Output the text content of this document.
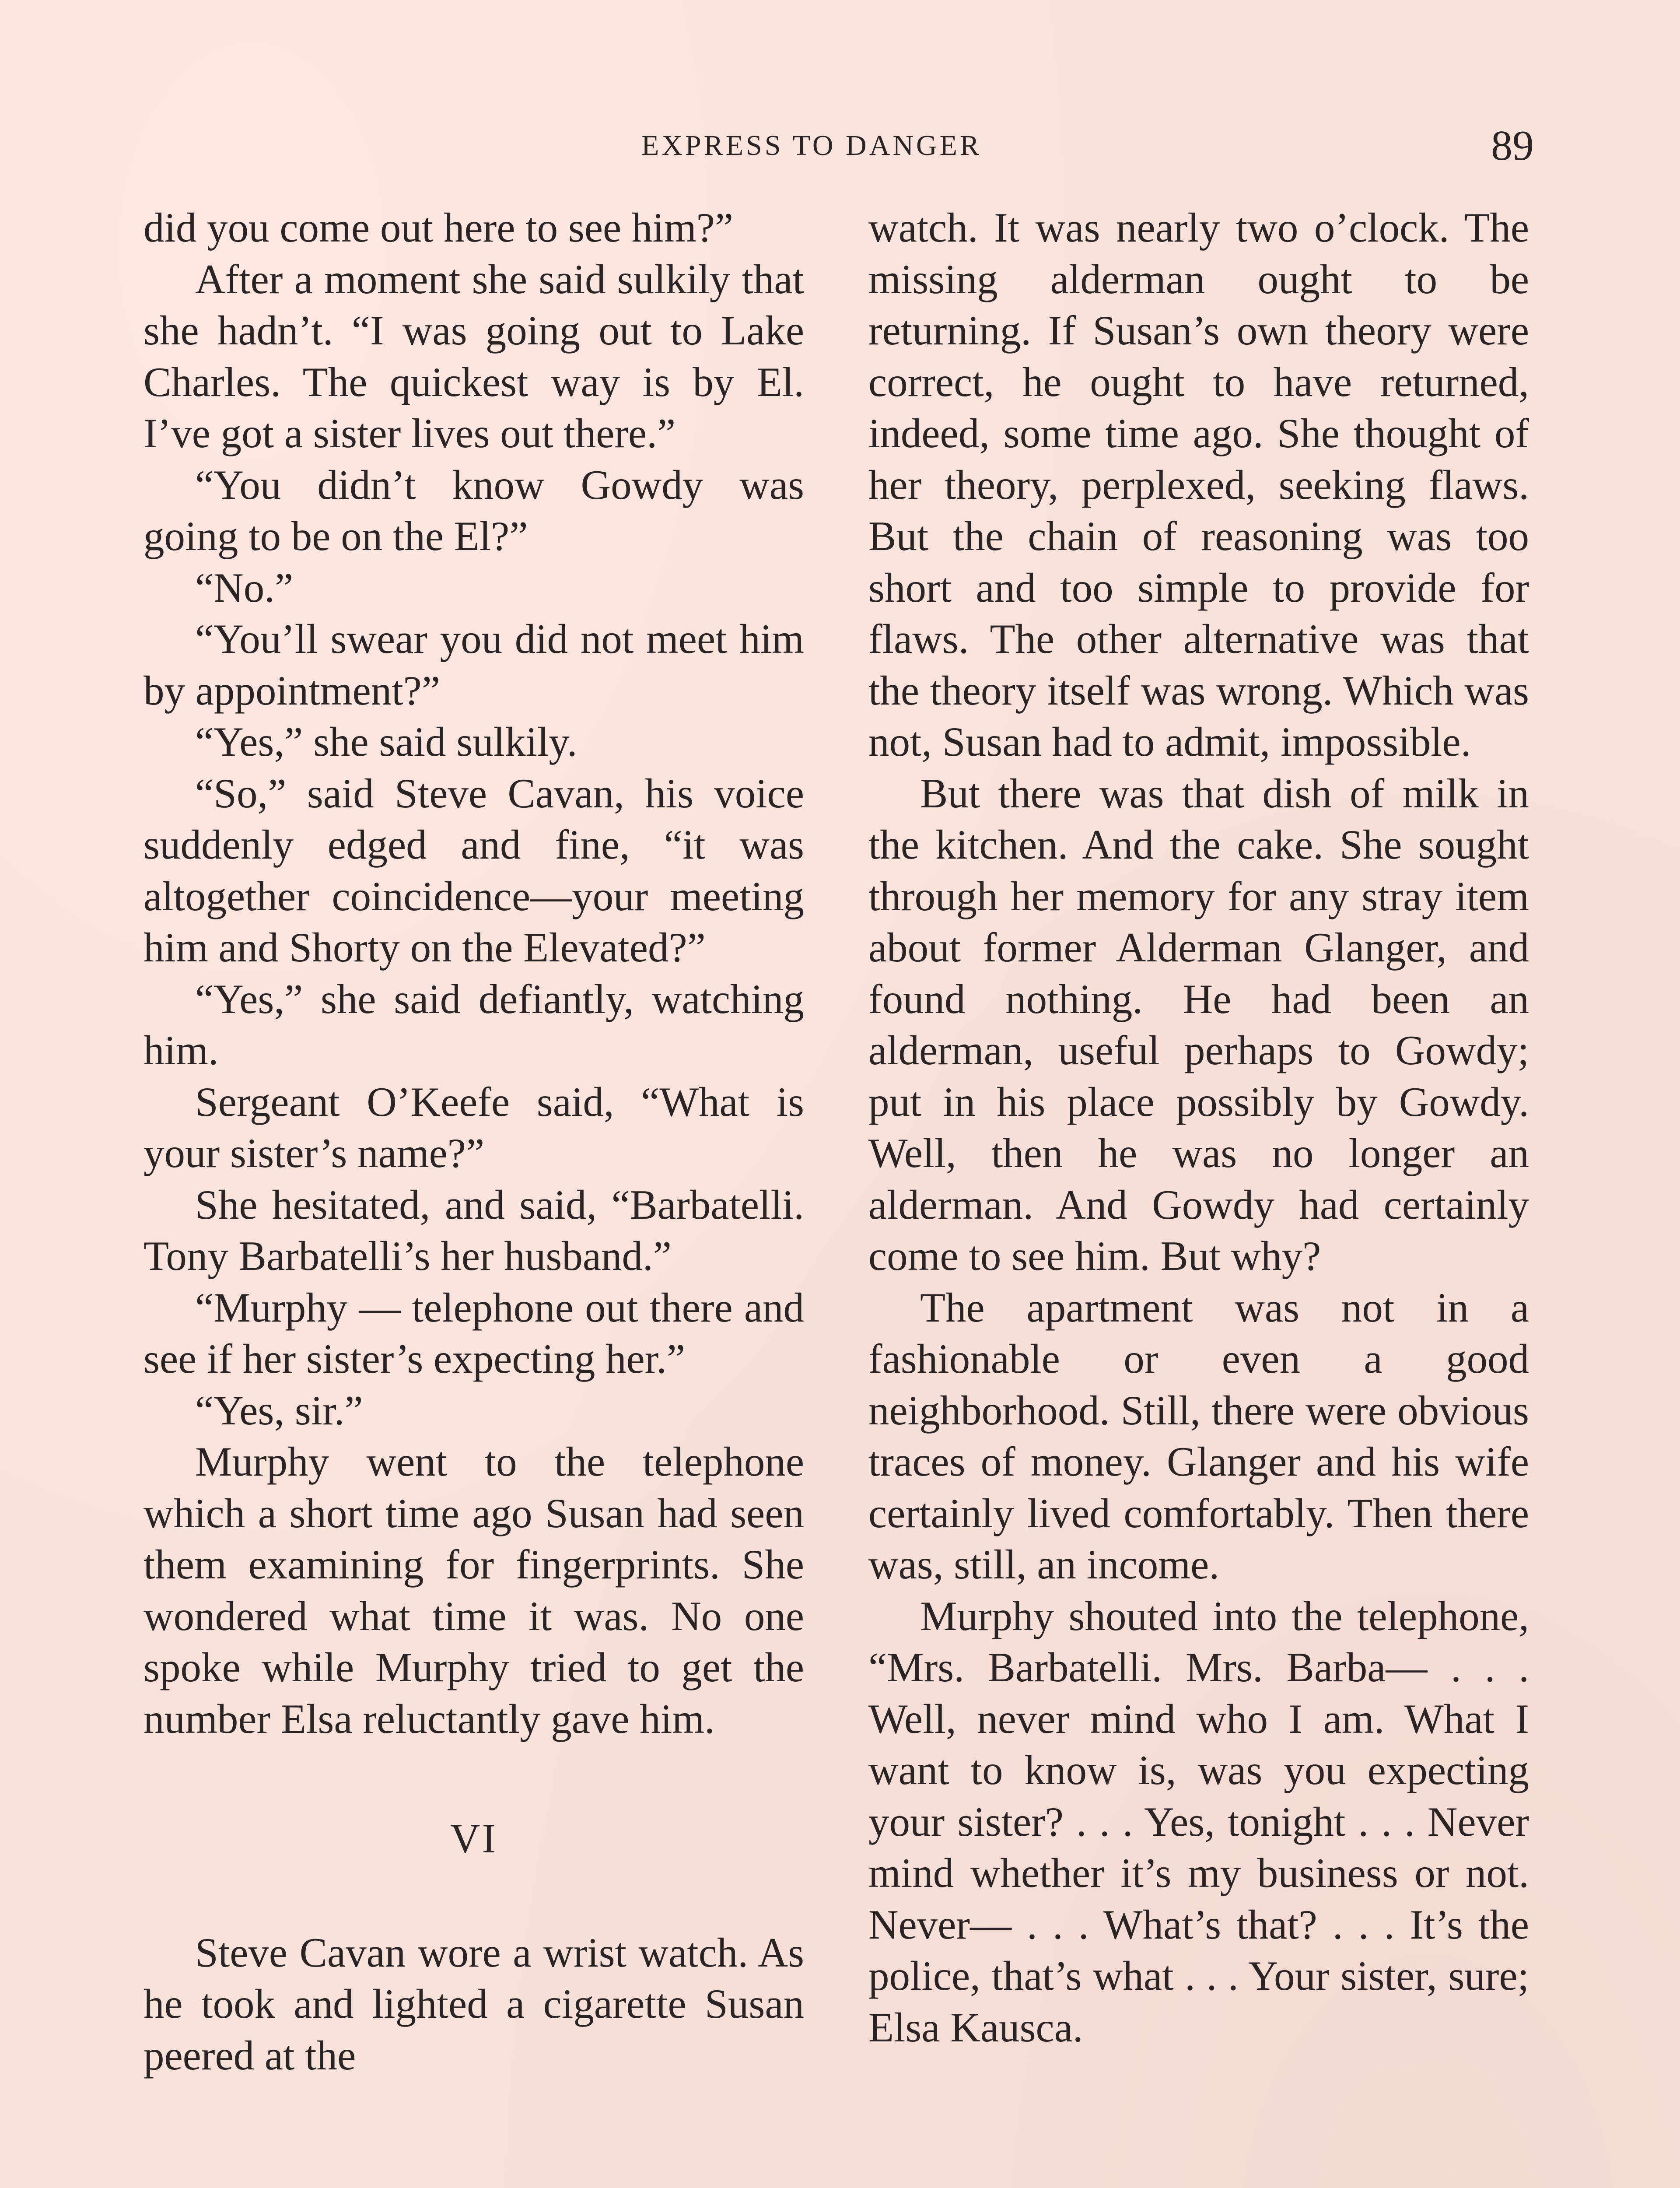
EXPRESS TO DANGER	89

did you come out here to see him?”

After a moment she said sulkily that she hadn’t. “I was going out to Lake Charles. The quickest way is by El. I’ve got a sister lives out there.”

“You didn’t know Gowdy was going to be on the El?”

“No.”

“You’ll swear you did not meet him by appointment?”

“Yes,” she said sulkily.

“So,” said Steve Cavan, his voice suddenly edged and fine, “it was altogether coincidence—your meeting him and Shorty on the Elevated?”

“Yes,” she said defiantly, watching him.

Sergeant O’Keefe said, “What is your sister’s name?”

She hesitated, and said, “Barbatelli. Tony Barbatelli’s her husband.”

“Murphy — telephone out there and see if her sister’s expecting her.”

“Yes, sir.”

Murphy went to the telephone which a short time ago Susan had seen them examining for fingerprints. She wondered what time it was. No one spoke while Murphy tried to get the number Elsa reluctantly gave him.

VI

Steve Cavan wore a wrist watch. As he took and lighted a cigarette Susan peered at the

watch. It was nearly two o’clock. The missing alderman ought to be returning. If Susan’s own theory were correct, he ought to have returned, indeed, some time ago. She thought of her theory, perplexed, seeking flaws. But the chain of reasoning was too short and too simple to provide for flaws. The other alternative was that the theory itself was wrong. Which was not, Susan had to admit, impossible.

But there was that dish of milk in the kitchen. And the cake. She sought through her memory for any stray item about former Alderman Glanger, and found nothing. He had been an alderman, useful perhaps to Gowdy; put in his place possibly by Gowdy. Well, then he was no longer an alderman. And Gowdy had certainly come to see him. But why?

The apartment was not in a fashionable or even a good neighborhood. Still, there were obvious traces of money. Glanger and his wife certainly lived comfortably. Then there was, still, an income.

Murphy shouted into the telephone, “Mrs. Barbatelli. Mrs. Barba— . . . Well, never mind who I am. What I want to know is, was you expecting your sister? . . . Yes, tonight . . . Never mind whether it’s my business or not. Never— . . . What’s that? . . . It’s the police, that’s what . . . Your sister, sure; Elsa Kausca.
